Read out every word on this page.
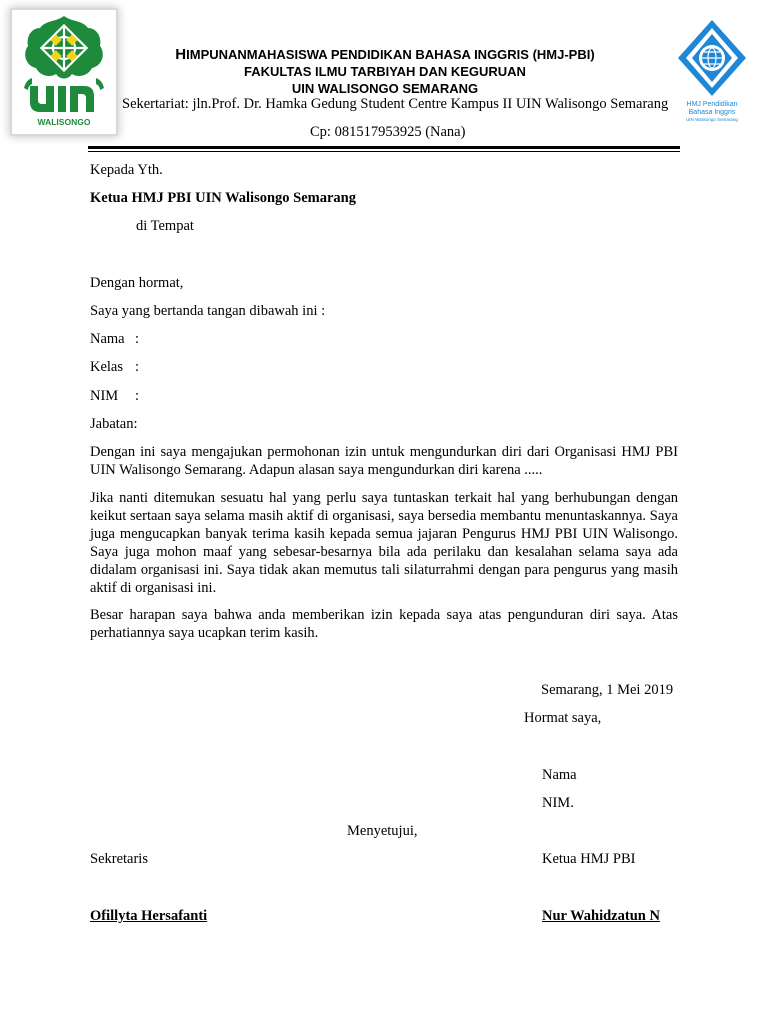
WALISONGO
HMJ Pendidikan
Bahasa Inggris
UIN Walisongo Semarang
HIMPUNANMAHASISWA PENDIDIKAN BAHASA INGGRIS (HMJ-PBI)
FAKULTAS ILMU TARBIYAH DAN KEGURUAN
UIN WALISONGO SEMARANG
Sekertariat: jln.Prof. Dr. Hamka Gedung Student Centre Kampus II UIN Walisongo Semarang
Cp: 081517953925 (Nana)
Kepada Yth.
Ketua HMJ PBI UIN Walisongo Semarang
di Tempat
Dengan hormat,
Saya yang bertanda tangan dibawah ini :
Nama :
Kelas :
NIM :
Jabatan:
Dengan ini saya mengajukan permohonan izin untuk mengundurkan diri dari Organisasi HMJ PBI UIN Walisongo Semarang. Adapun alasan saya mengundurkan diri karena .....
Jika nanti ditemukan sesuatu hal yang perlu saya tuntaskan terkait hal yang berhubungan dengan keikut sertaan saya selama masih aktif di organisasi, saya bersedia membantu menuntaskannya. Saya juga mengucapkan banyak terima kasih kepada semua jajaran Pengurus HMJ PBI UIN Walisongo. Saya juga mohon maaf yang sebesar-besarnya bila ada perilaku dan kesalahan selama saya ada didalam organisasi ini. Saya tidak akan memutus tali silaturrahmi dengan para pengurus yang masih aktif di organisasi ini.
Besar harapan saya bahwa anda memberikan izin kepada saya atas pengunduran diri saya. Atas perhatiannya saya ucapkan terim kasih.
Semarang, 1 Mei 2019
Hormat saya,
Nama
NIM.
Menyetujui,
Sekretaris	Ketua HMJ PBI
Ofillyta Hersafanti	Nur Wahidzatun N
